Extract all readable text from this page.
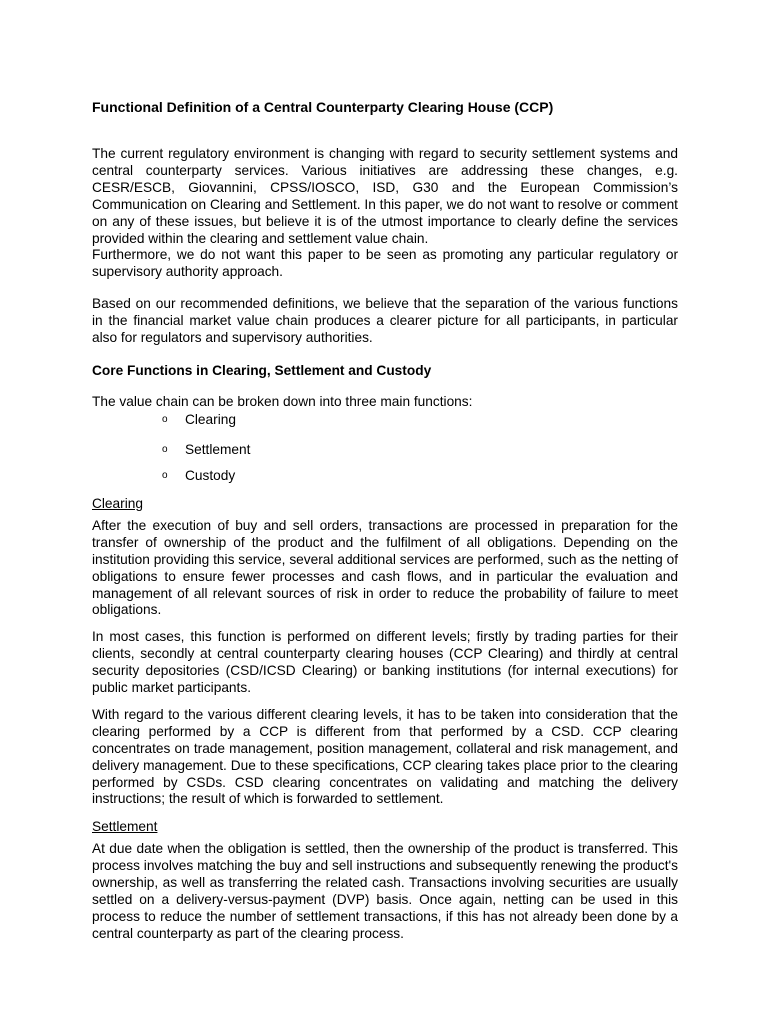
Functional Definition of a Central Counterparty Clearing House (CCP)

The current regulatory environment is changing with regard to security settlement systems and central counterparty services. Various initiatives are addressing these changes, e.g. CESR/ESCB, Giovannini, CPSS/IOSCO, ISD, G30 and the European Commission’s Communication on Clearing and Settlement. In this paper, we do not want to resolve or comment on any of these issues, but believe it is of the utmost importance to clearly define the services provided within the clearing and settlement value chain.

Furthermore, we do not want this paper to be seen as promoting any particular regulatory or supervisory authority approach.

Based on our recommended definitions, we believe that the separation of the various functions in the financial market value chain produces a clearer picture for all participants, in particular also for regulators and supervisory authorities.

Core Functions in Clearing, Settlement and Custody

The value chain can be broken down into three main functions:

o	Clearing
o	Settlement
o	Custody
Clearing

After the execution of buy and sell orders, transactions are processed in preparation for the transfer of ownership of the product and the fulfilment of all obligations. Depending on the institution providing this service, several additional services are performed, such as the netting of obligations to ensure fewer processes and cash flows, and in particular the evaluation and management of all relevant sources of risk in order to reduce the probability of failure to meet obligations.

In most cases, this function is performed on different levels; firstly by trading parties for their clients, secondly at central counterparty clearing houses (CCP Clearing) and thirdly at central security depositories (CSD/ICSD Clearing) or banking institutions (for internal executions) for public market participants.

With regard to the various different clearing levels, it has to be taken into consideration that the clearing performed by a CCP is different from that performed by a CSD. CCP clearing concentrates on trade management, position management, collateral and risk management, and delivery management. Due to these specifications, CCP clearing takes place prior to the clearing performed by CSDs. CSD clearing concentrates on validating and matching the delivery instructions; the result of which is forwarded to settlement.

Settlement

At due date when the obligation is settled, then the ownership of the product is transferred. This process involves matching the buy and sell instructions and subsequently renewing the product's ownership, as well as transferring the related cash. Transactions involving securities are usually settled on a delivery-versus-payment (DVP) basis. Once again, netting can be used in this process to reduce the number of settlement transactions, if this has not already been done by a central counterparty as part of the clearing process.
